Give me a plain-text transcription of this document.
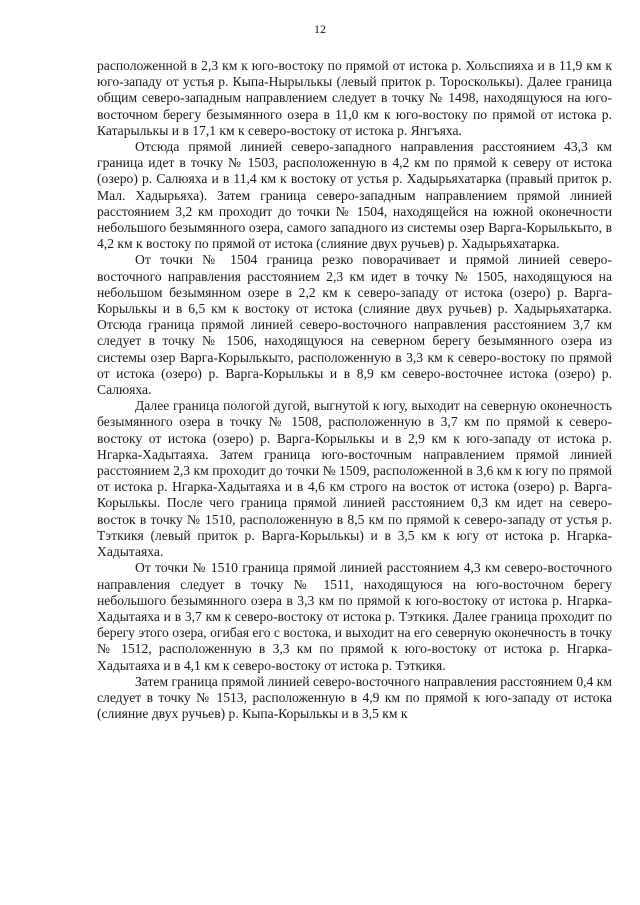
12

расположенной в 2,3 км к юго-востоку по прямой от истока р. Хольспияха и в 11,9 км к юго-западу от устья р. Кыпа-Нырылькы (левый приток р. Торосколькы). Далее граница общим северо-западным направлением следует в точку № 1498, находящуюся на юго-восточном берегу безымянного озера в 11,0 км к юго-востоку по прямой от истока р. Катарылькы и в 17,1 км к северо-востоку от истока р. Янгъяха.

Отсюда прямой линией северо-западного направления расстоянием 43,3 км граница идет в точку № 1503, расположенную в 4,2 км по прямой к северу от истока (озеро) р. Салюяха и в 11,4 км к востоку от устья р. Хадырьяхатарка (правый приток р. Мал. Хадырьяха). Затем граница северо-западным направлением прямой линией расстоянием 3,2 км проходит до точки № 1504, находящейся на южной оконечности небольшого безымянного озера, самого западного из системы озер Варга-Корылькыто, в 4,2 км к востоку по прямой от истока (слияние двух ручьев) р. Хадырьяхатарка.

От точки № 1504 граница резко поворачивает и прямой линией северо-восточного направления расстоянием 2,3 км идет в точку № 1505, находящуюся на небольшом безымянном озере в 2,2 км к северо-западу от истока (озеро) р. Варга-Корылькы и в 6,5 км к востоку от истока (слияние двух ручьев) р. Хадырьяхатарка. Отсюда граница прямой линией северо-восточного направления расстоянием 3,7 км следует в точку № 1506, находящуюся на северном берегу безымянного озера из системы озер Варга-Корылькыто, расположенную в 3,3 км к северо-востоку по прямой от истока (озеро) р. Варга-Корылькы и в 8,9 км северо-восточнее истока (озеро) р. Салюяха.

Далее граница пологой дугой, выгнутой к югу, выходит на северную оконечность безымянного озера в точку № 1508, расположенную в 3,7 км по прямой к северо-востоку от истока (озеро) р. Варга-Корылькы и в 2,9 км к юго-западу от истока р. Нгарка-Хадытаяха. Затем граница юго-восточным направлением прямой линией расстоянием 2,3 км проходит до точки № 1509, расположенной в 3,6 км к югу по прямой от истока р. Нгарка-Хадытаяха и в 4,6 км строго на восток от истока (озеро) р. Варга-Корылькы. После чего граница прямой линией расстоянием 0,3 км идет на северо-восток в точку № 1510, расположенную в 8,5 км по прямой к северо-западу от устья р. Тэткикя (левый приток р. Варга-Корылькы) и в 3,5 км к югу от истока р. Нгарка-Хадытаяха.

От точки № 1510 граница прямой линией расстоянием 4,3 км северо-восточного направления следует в точку № 1511, находящуюся на юго-восточном берегу небольшого безымянного озера в 3,3 км по прямой к юго-востоку от истока р. Нгарка-Хадытаяха и в 3,7 км к северо-востоку от истока р. Тэткикя. Далее граница проходит по берегу этого озера, огибая его с востока, и выходит на его северную оконечность в точку № 1512, расположенную в 3,3 км по прямой к юго-востоку от истока р. Нгарка-Хадытаяха и в 4,1 км к северо-востоку от истока р. Тэткикя.

Затем граница прямой линией северо-восточного направления расстоянием 0,4 км следует в точку № 1513, расположенную в 4,9 км по прямой к юго-западу от истока (слияние двух ручьев) р. Кыпа-Корылькы и в 3,5 км к
